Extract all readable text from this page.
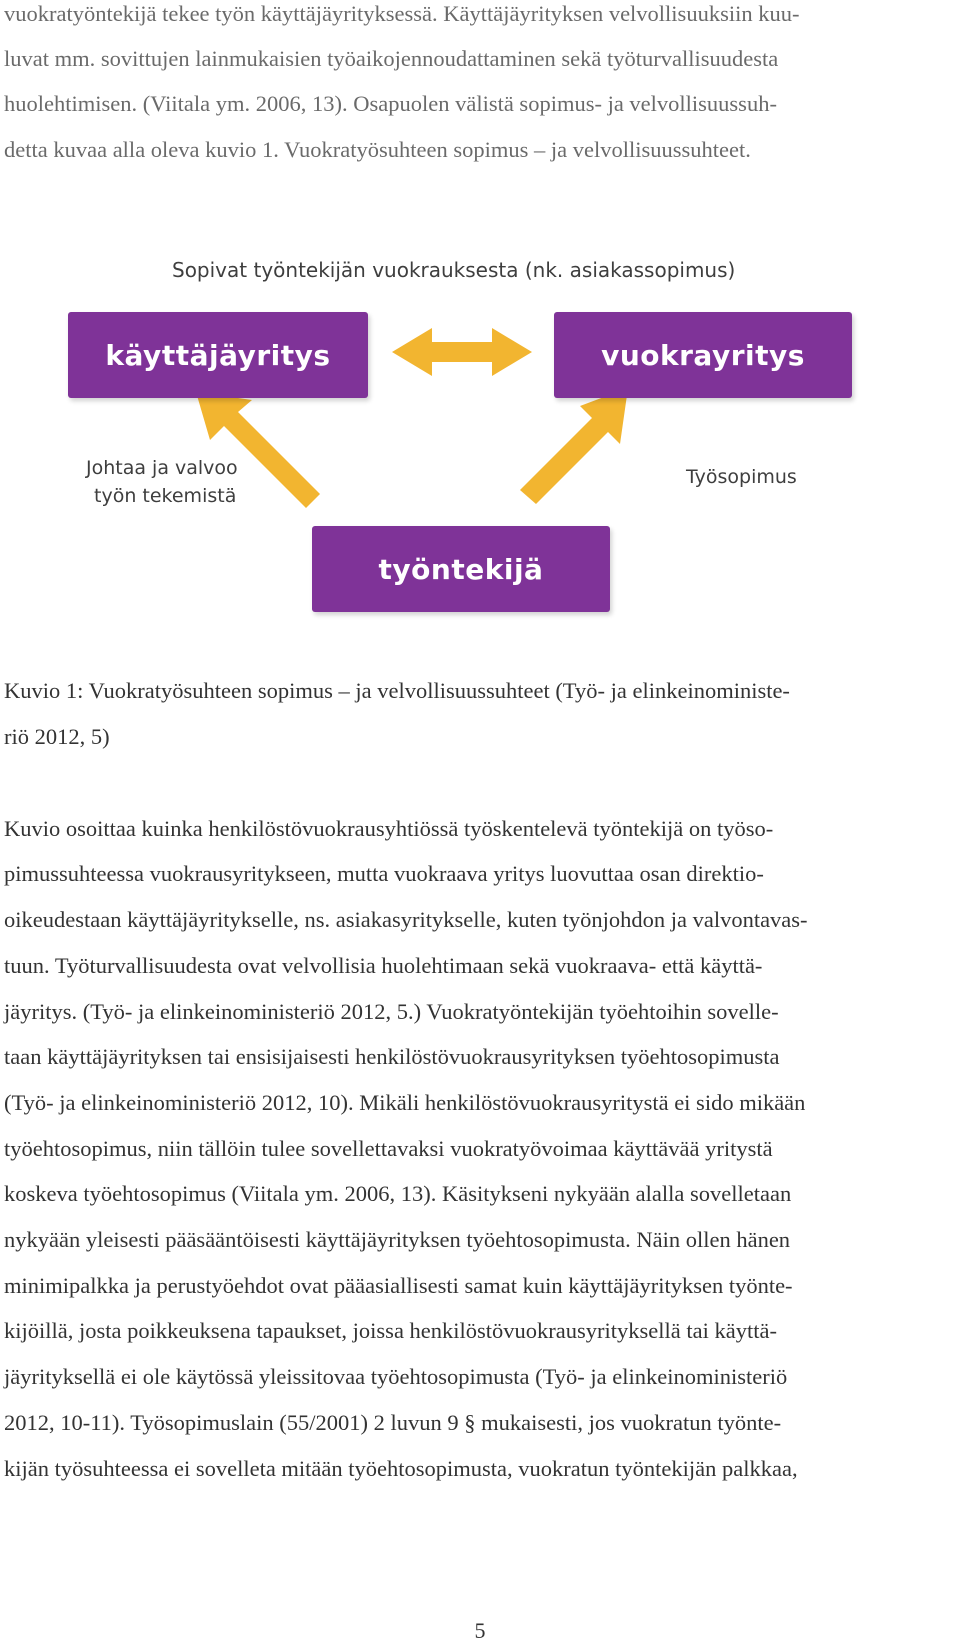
vuokratyöntekijä tekee työn käyttäjäyrityksessä. Käyttäjäyrityksen velvollisuuksiin kuu-
luvat mm. sovittujen lainmukaisien työaikojennoudattaminen sekä työturvallisuudesta
huolehtimisen. (Viitala ym. 2006, 13). Osapuolen välistä sopimus- ja velvollisuussuh-
detta kuvaa alla oleva kuvio 1. Vuokratyösuhteen sopimus – ja velvollisuussuhteet.
Sopivat työntekijän vuokrauksesta (nk. asiakassopimus)
käyttäjäyritys	vuokrayritys
työntekijä
Johtaa ja valvoo
työn tekemistä
Työsopimus
Kuvio 1: Vuokratyösuhteen sopimus – ja velvollisuussuhteet (Työ- ja elinkeinoministe-
riö 2012, 5)
Kuvio osoittaa kuinka henkilöstövuokrausyhtiössä työskentelevä työntekijä on työso-
pimussuhteessa vuokrausyritykseen, mutta vuokraava yritys luovuttaa osan direktio-
oikeudestaan käyttäjäyritykselle, ns. asiakasyritykselle, kuten työnjohdon ja valvontavas-
tuun. Työturvallisuudesta ovat velvollisia huolehtimaan sekä vuokraava- että käyttä-
jäyritys. (Työ- ja elinkeinoministeriö 2012, 5.) Vuokratyöntekijän työehtoihin sovelle-
taan käyttäjäyrityksen tai ensisijaisesti henkilöstövuokrausyrityksen työehtosopimusta
(Työ- ja elinkeinoministeriö 2012, 10). Mikäli henkilöstövuokrausyritystä ei sido mikään
työehtosopimus, niin tällöin tulee sovellettavaksi vuokratyövoimaa käyttävää yritystä
koskeva työehtosopimus (Viitala ym. 2006, 13). Käsitykseni nykyään alalla sovelletaan
nykyään yleisesti pääsääntöisesti käyttäjäyrityksen työehtosopimusta. Näin ollen hänen
minimipalkka ja perustyöehdot ovat pääasiallisesti samat kuin käyttäjäyrityksen työnte-
kijöillä, josta poikkeuksena tapaukset, joissa henkilöstövuokrausyrityksellä tai käyttä-
jäyrityksellä ei ole käytössä yleissitovaa työehtosopimusta (Työ- ja elinkeinoministeriö
2012, 10-11). Työsopimuslain (55/2001) 2 luvun 9 § mukaisesti, jos vuokratun työnte-
kijän työsuhteessa ei sovelleta mitään työehtosopimusta, vuokratun työntekijän palkkaa,
5
